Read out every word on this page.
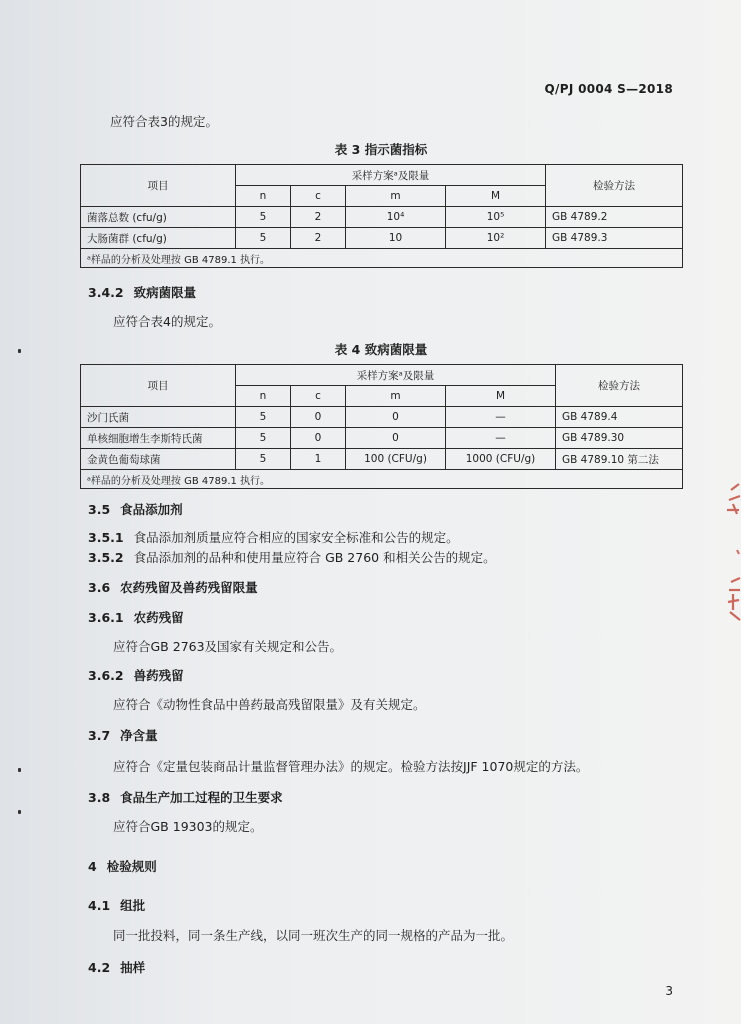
Q/PJ 0004 S—2018
应符合表3的规定。
表 3 指示菌指标
项目	采样方案ᵃ及限量				检验方法
	n	c	m	M	
菌落总数 (cfu/g)	5	2	10⁴	10⁵	GB 4789.2
大肠菌群 (cfu/g)	5	2	10	10²	GB 4789.3
ᵃ样品的分析及处理按 GB 4789.1 执行。					
3.4.2 致病菌限量
应符合表4的规定。
表 4 致病菌限量
项目	采样方案ᵃ及限量				检验方法
	n	c	m	M	
沙门氏菌	5	0	0	—	GB 4789.4
单核细胞增生李斯特氏菌	5	0	0	—	GB 4789.30
金黄色葡萄球菌	5	1	100 (CFU/g)	1000 (CFU/g)	GB 4789.10 第二法
ᵃ样品的分析及处理按 GB 4789.1 执行。					
3.5 食品添加剂
3.5.1 食品添加剂质量应符合相应的国家安全标准和公告的规定。
3.5.2 食品添加剂的品种和使用量应符合 GB 2760 和相关公告的规定。
3.6 农药残留及兽药残留限量
3.6.1 农药残留
应符合GB 2763及国家有关规定和公告。
3.6.2 兽药残留
应符合《动物性食品中兽药最高残留限量》及有关规定。
3.7 净含量
应符合《定量包装商品计量监督管理办法》的规定。检验方法按JJF 1070规定的方法。
3.8 食品生产加工过程的卫生要求
应符合GB 19303的规定。
4 检验规则
4.1 组批
同一批投料，同一条生产线，以同一班次生产的同一规格的产品为一批。
4.2 抽样
3
